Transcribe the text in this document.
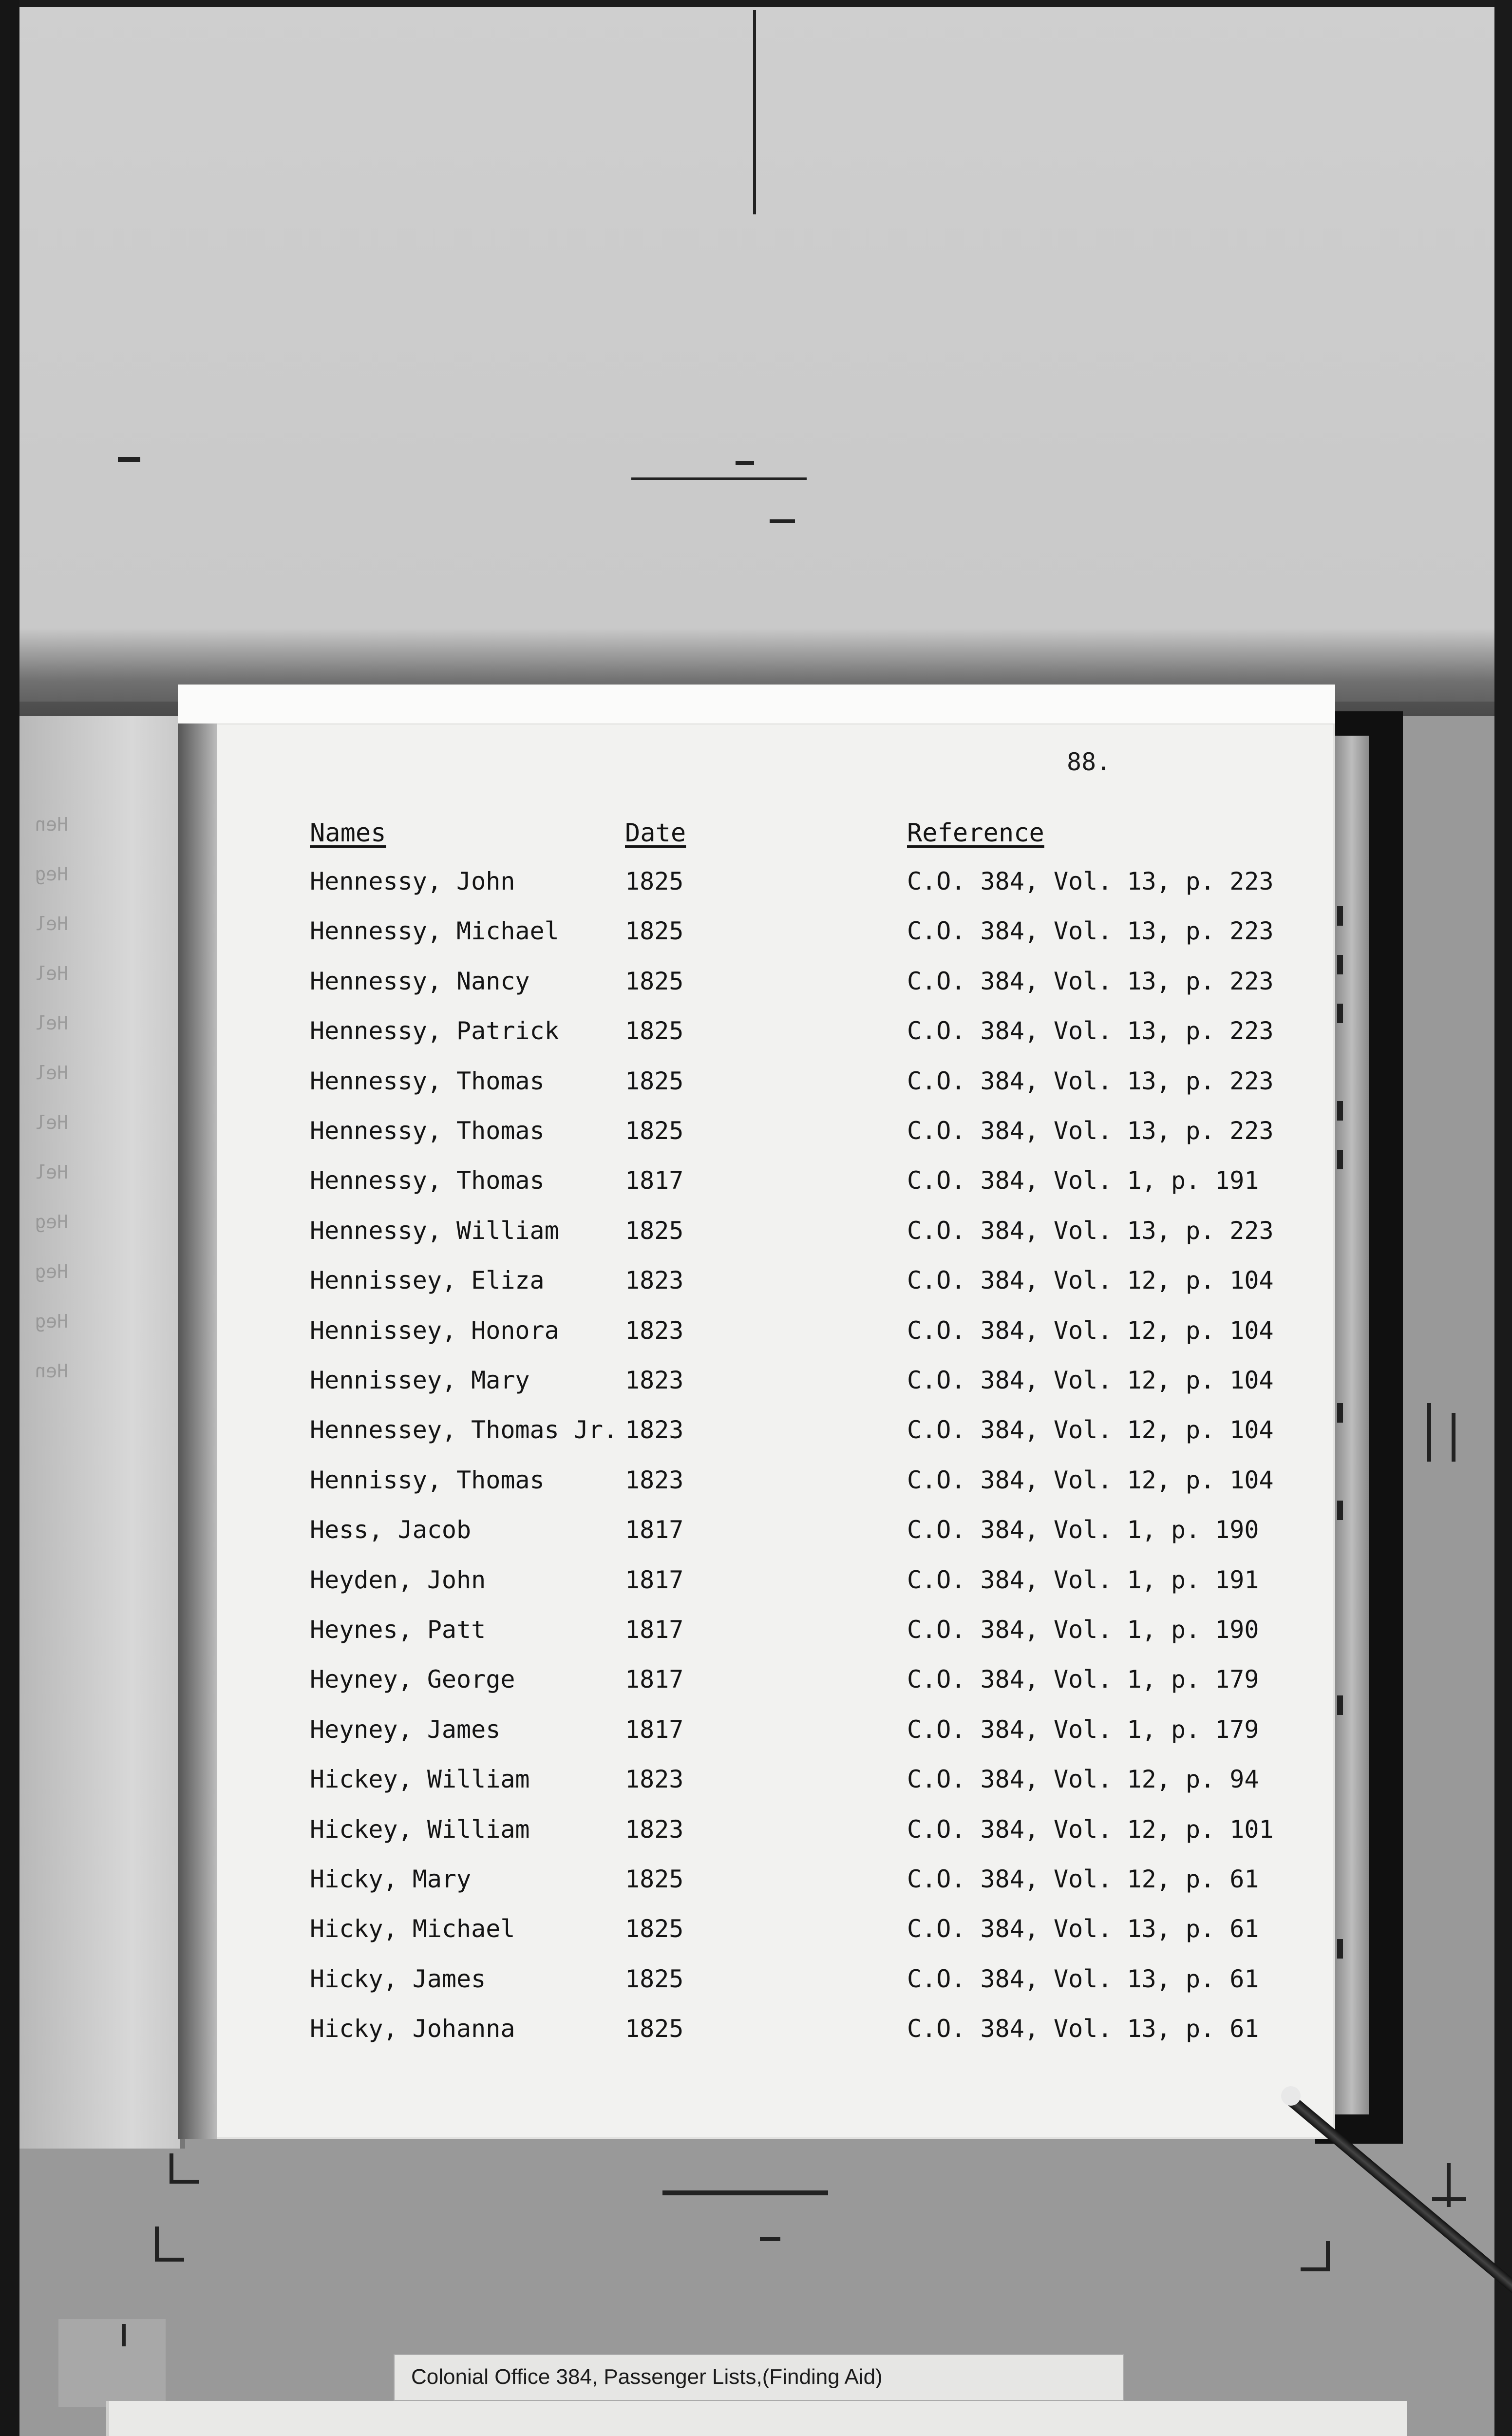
Hen
Heg
Hel
Hel
Hel
Hel
Hel
Hel
Heg
Heg
Heg
Hen
88.
Names	Date	Reference
Hennessy, John	1825	C.O. 384, Vol. 13, p. 223
Hennessy, Michael	1825	C.O. 384, Vol. 13, p. 223
Hennessy, Nancy	1825	C.O. 384, Vol. 13, p. 223
Hennessy, Patrick	1825	C.O. 384, Vol. 13, p. 223
Hennessy, Thomas	1825	C.O. 384, Vol. 13, p. 223
Hennessy, Thomas	1825	C.O. 384, Vol. 13, p. 223
Hennessy, Thomas	1817	C.O. 384, Vol. 1, p. 191
Hennessy, William	1825	C.O. 384, Vol. 13, p. 223
Hennissey, Eliza	1823	C.O. 384, Vol. 12, p. 104
Hennissey, Honora	1823	C.O. 384, Vol. 12, p. 104
Hennissey, Mary	1823	C.O. 384, Vol. 12, p. 104
Hennessey, Thomas Jr. 1823	C.O. 384, Vol. 12, p. 104
Hennissy, Thomas	1823	C.O. 384, Vol. 12, p. 104
Hess, Jacob	1817	C.O. 384, Vol. 1, p. 190
Heyden, John	1817	C.O. 384, Vol. 1, p. 191
Heynes, Patt	1817	C.O. 384, Vol. 1, p. 190
Heyney, George	1817	C.O. 384, Vol. 1, p. 179
Heyney, James	1817	C.O. 384, Vol. 1, p. 179
Hickey, William	1823	C.O. 384, Vol. 12, p. 94
Hickey, William	1823	C.O. 384, Vol. 12, p. 101
Hicky, Mary	1825	C.O. 384, Vol. 12, p. 61
Hicky, Michael	1825	C.O. 384, Vol. 13, p. 61
Hicky, James	1825	C.O. 384, Vol. 13, p. 61
Hicky, Johanna	1825	C.O. 384, Vol. 13, p. 61
Colonial Office 384, Passenger Lists,(Finding Aid)
